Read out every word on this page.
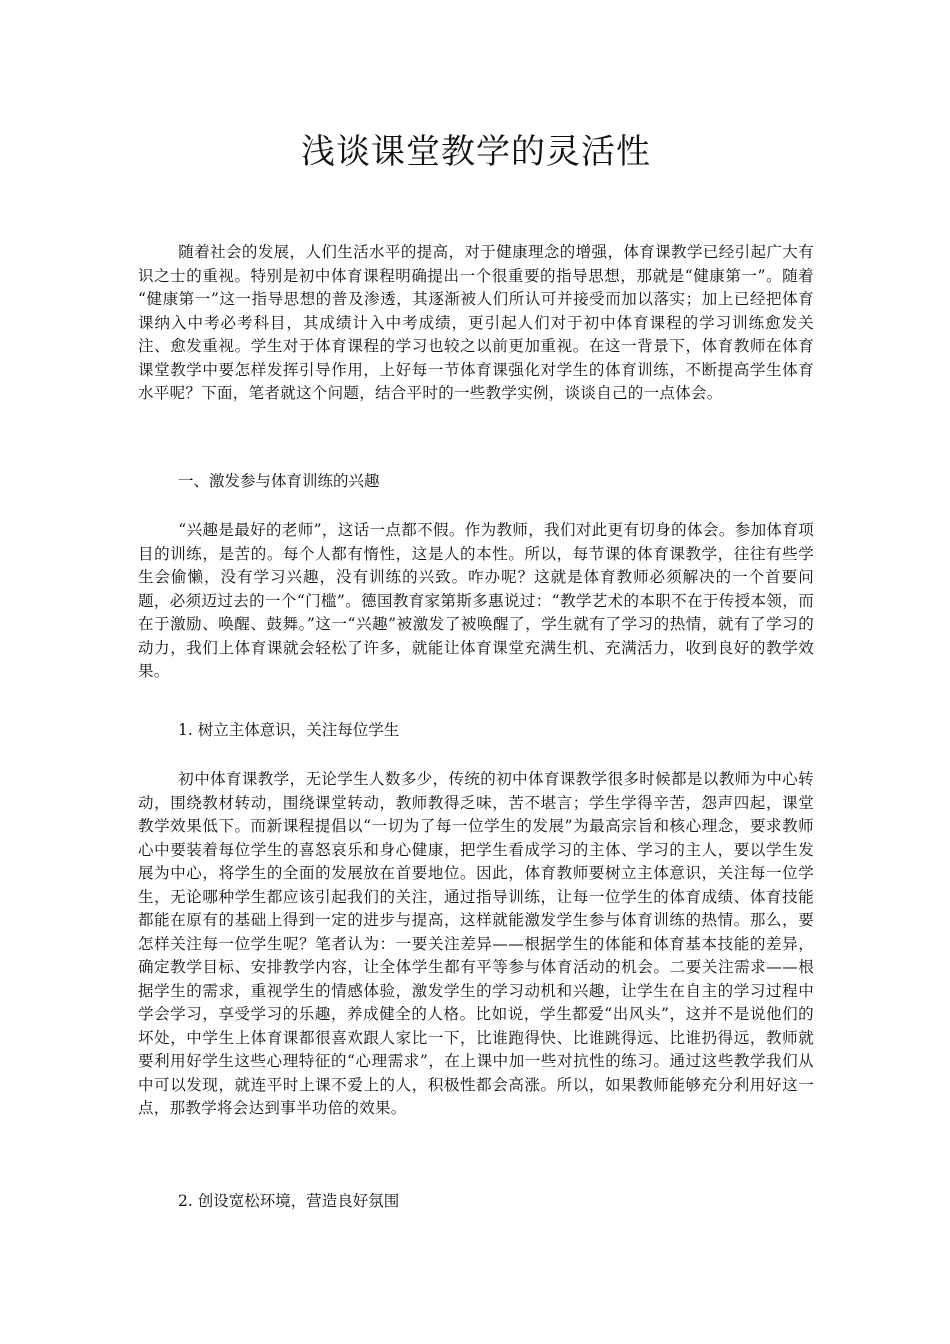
浅谈课堂教学的灵活性

随着社会的发展，人们生活水平的提高，对于健康理念的增强，体育课教学已经引起广大有识之士的重视。特别是初中体育课程明确提出一个很重要的指导思想，那就是“健康第一”。随着 “健康第一”这一指导思想的普及渗透，其逐渐被人们所认可并接受而加以落实；加上已经把体育课纳入中考必考科目，其成绩计入中考成绩，更引起人们对于初中体育课程的学习训练愈发关注、愈发重视。学生对于体育课程的学习也较之以前更加重视。在这一背景下，体育教师在体育课堂教学中要怎样发挥引导作用，上好每一节体育课强化对学生的体育训练，不断提高学生体育水平呢？下面，笔者就这个问题，结合平时的一些教学实例，谈谈自己的一点体会。

一、激发参与体育训练的兴趣

“兴趣是最好的老师”，这话一点都不假。作为教师，我们对此更有切身的体会。参加体育项目的训练，是苦的。每个人都有惰性，这是人的本性。所以，每节课的体育课教学，往往有些学生会偷懒，没有学习兴趣，没有训练的兴致。咋办呢？这就是体育教师必须解决的一个首要问题，必须迈过去的一个“门槛”。德国教育家第斯多惠说过：“教学艺术的本职不在于传授本领，而在于激励、唤醒、鼓舞。”这一“兴趣”被激发了被唤醒了，学生就有了学习的热情，就有了学习的动力，我们上体育课就会轻松了许多，就能让体育课堂充满生机、充满活力，收到良好的教学效果。

1. 树立主体意识，关注每位学生

初中体育课教学，无论学生人数多少，传统的初中体育课教学很多时候都是以教师为中心转动，围绕教材转动，围绕课堂转动，教师教得乏味，苦不堪言；学生学得辛苦，怨声四起，课堂教学效果低下。而新课程提倡以“一切为了每一位学生的发展”为最高宗旨和核心理念，要求教师心中要装着每位学生的喜怒哀乐和身心健康，把学生看成学习的主体、学习的主人，要以学生发展为中心，将学生的全面的发展放在首要地位。因此，体育教师要树立主体意识，关注每一位学生，无论哪种学生都应该引起我们的关注，通过指导训练，让每一位学生的体育成绩、体育技能都能在原有的基础上得到一定的进步与提高，这样就能激发学生参与体育训练的热情。那么，要怎样关注每一位学生呢？笔者认为：一要关注差异——根据学生的体能和体育基本技能的差异，确定教学目标、安排教学内容，让全体学生都有平等参与体育活动的机会。二要关注需求——根据学生的需求，重视学生的情感体验，激发学生的学习动机和兴趣，让学生在自主的学习过程中学会学习，享受学习的乐趣，养成健全的人格。比如说，学生都爱“出风头”，这并不是说他们的坏处，中学生上体育课都很喜欢跟人家比一下，比谁跑得快、比谁跳得远、比谁扔得远，教师就要利用好学生这些心理特征的“心理需求”，在上课中加一些对抗性的练习。通过这些教学我们从中可以发现，就连平时上课不爱上的人，积极性都会高涨。所以，如果教师能够充分利用好这一点，那教学将会达到事半功倍的效果。

2. 创设宽松环境，营造良好氛围
